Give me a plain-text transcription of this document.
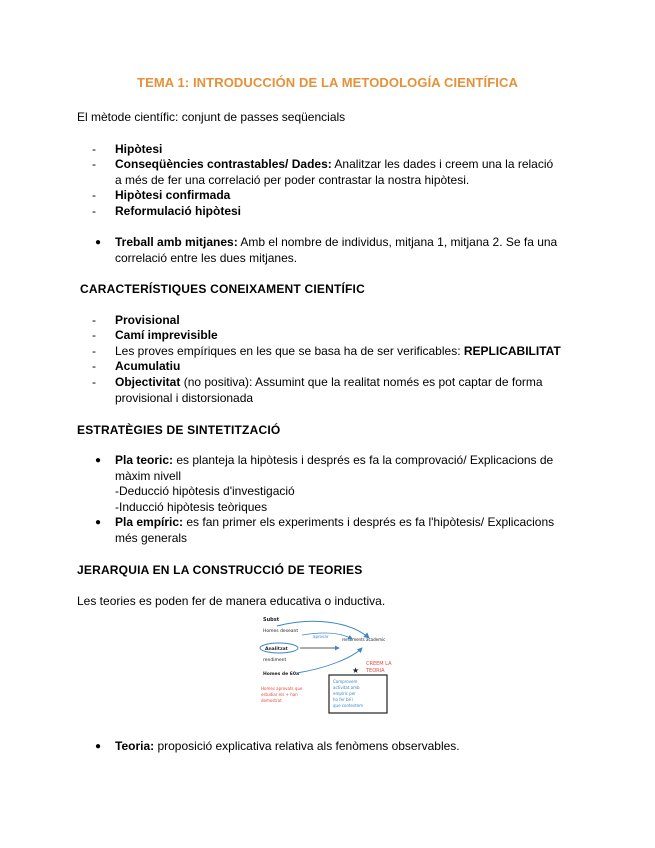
TEMA 1: INTRODUCCIÓN DE LA METODOLOGÍA CIENTÍFICA
El mètode científic: conjunt de passes seqüencials
- Hipòtesi
- Conseqüències contrastables/ Dades: Analitzar les dades i creem una la relació a més de fer una correlació per poder contrastar la nostra hipòtesi.
- Hipòtesi confirmada
- Reformulació hipòtesi
● Treball amb mitjanes: Amb el nombre de individus, mitjana 1, mitjana 2. Se fa una correlació entre les dues mitjanes.
CARACTERÍSTIQUES CONEIXAMENT CIENTÍFIC
- Provisional
- Camí imprevisible
- Les proves empíriques en les que se basa ha de ser verificables: REPLICABILITAT
- Acumulatiu
- Objectivitat (no positiva): Assumint que la realitat només es pot captar de forma provisional i distorsionada
ESTRATÈGIES DE SINTETITZACIÓ
● Pla teoric: es planteja la hipòtesis i després es fa la comprovació/ Explicacions de màxim nivell
-Deducció hipòtesis d'investigació
-Inducció hipòtesis teòriques
● Pla empíric: es fan primer els experiments i després es fa l'hipòtesis/ Explicacions més generals
JERARQUIA EN LA CONSTRUCCIÓ DE TEORIES
Les teories es poden fer de manera educativa o inductiva.
Subst
Homes deseant
aprovar
Analitzat
rendiments academic
rendiment
Homes de 60a
CREEM LA
TEORIA
★
Homes aprovats que
estudiar els + han
demostrat
Comprovem
activitat amb
empíric per
ho fer bé i
que contestem
● Teoria: proposició explicativa relativa als fenòmens observables.
